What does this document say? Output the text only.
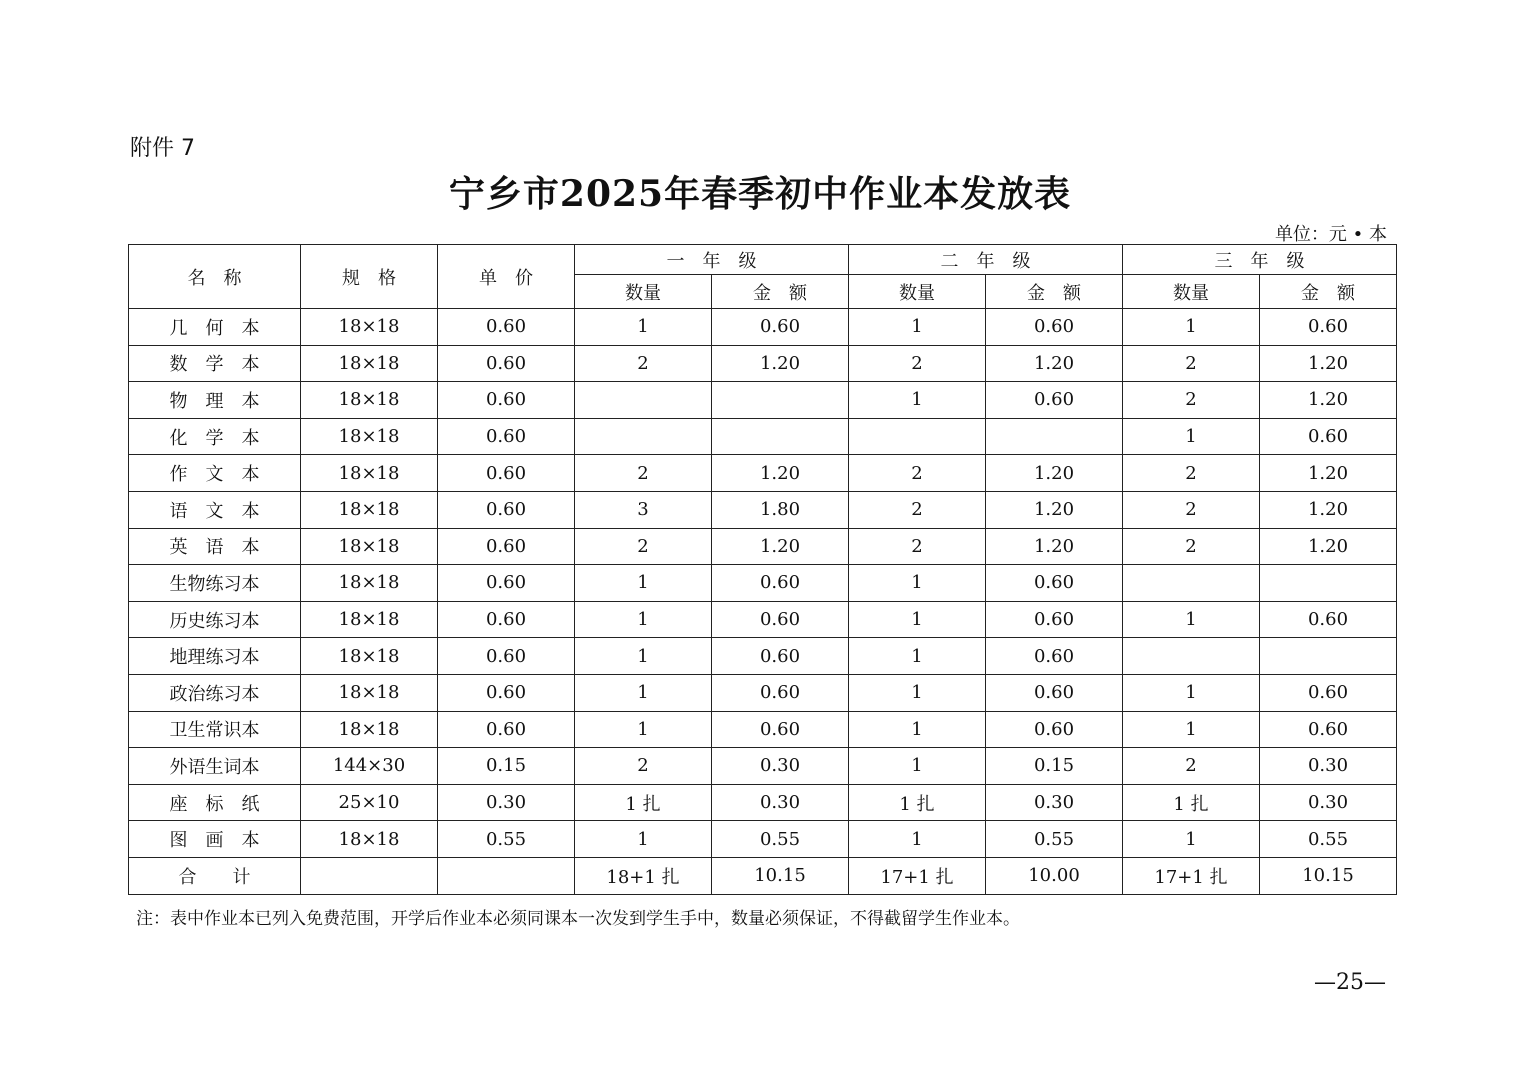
附件 7
宁乡市2025年春季初中作业本发放表
单位：元 • 本
名　称	规　格	单　价	一　年　级		二　年　级		三　年　级	
			数量	金　额	数量	金　额	数量	金　额
几　何　本	18×18	0.60	1	0.60	1	0.60	1	0.60
数　学　本	18×18	0.60	2	1.20	2	1.20	2	1.20
物　理　本	18×18	0.60			1	0.60	2	1.20
化　学　本	18×18	0.60					1	0.60
作　文　本	18×18	0.60	2	1.20	2	1.20	2	1.20
语　文　本	18×18	0.60	3	1.80	2	1.20	2	1.20
英　语　本	18×18	0.60	2	1.20	2	1.20	2	1.20
生物练习本	18×18	0.60	1	0.60	1	0.60		
历史练习本	18×18	0.60	1	0.60	1	0.60	1	0.60
地理练习本	18×18	0.60	1	0.60	1	0.60		
政治练习本	18×18	0.60	1	0.60	1	0.60	1	0.60
卫生常识本	18×18	0.60	1	0.60	1	0.60	1	0.60
外语生词本	144×30	0.15	2	0.30	1	0.15	2	0.30
座　标　纸	25×10	0.30	1 扎	0.30	1 扎	0.30	1 扎	0.30
图　画　本	18×18	0.55	1	0.55	1	0.55	1	0.55
合　　计			18+1 扎	10.15	17+1 扎	10.00	17+1 扎	10.15
注：表中作业本已列入免费范围，开学后作业本必须同课本一次发到学生手中，数量必须保证，不得截留学生作业本。
—25—
